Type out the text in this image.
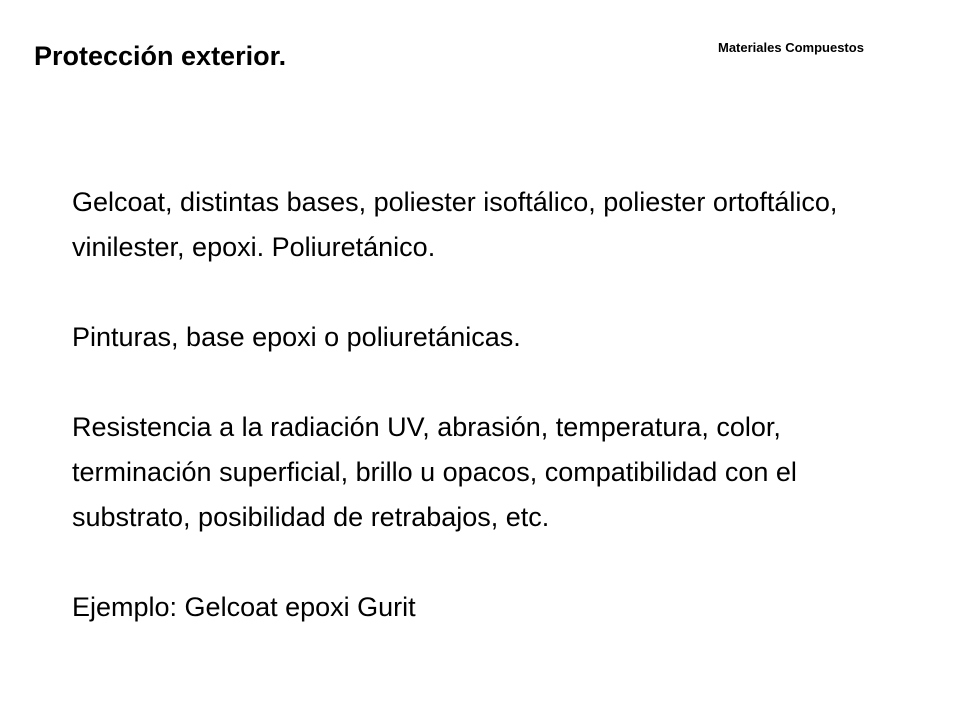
Protección exterior.	Materiales Compuestos

Gelcoat, distintas bases, poliester isoftálico, poliester ortoftálico, vinilester, epoxi. Poliuretánico.

Pinturas, base epoxi o poliuretánicas.

Resistencia a la radiación UV, abrasión, temperatura, color, terminación superficial, brillo u opacos, compatibilidad con el substrato, posibilidad de retrabajos, etc.

Ejemplo: Gelcoat epoxi Gurit
